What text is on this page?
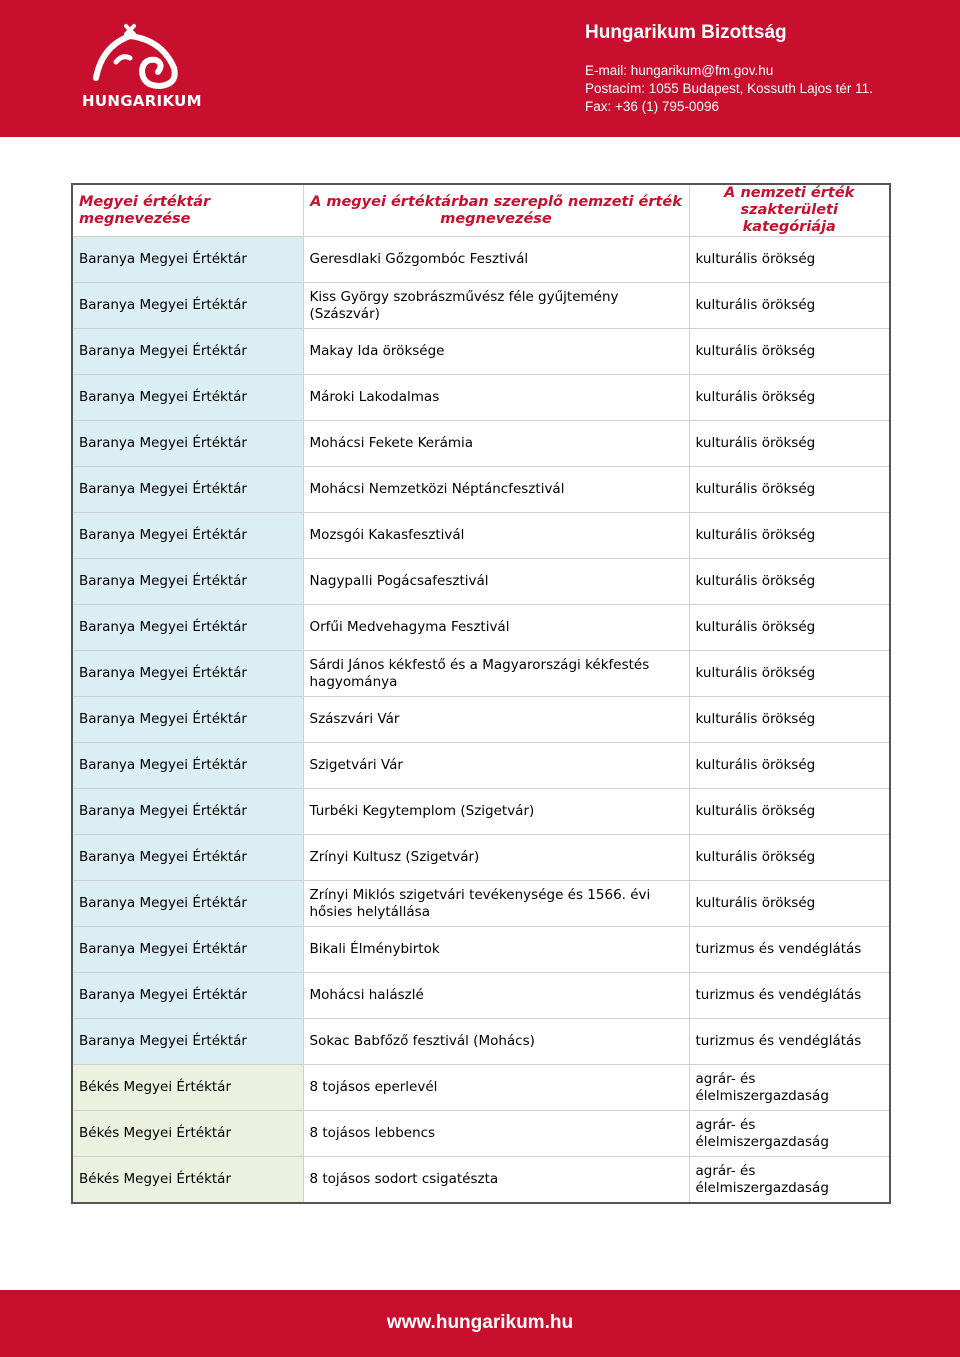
HUNGARIKUM
Hungarikum Bizottság
E-mail: hungarikum@fm.gov.hu
Postacím: 1055 Budapest, Kossuth Lajos tér 11.
Fax: +36 (1) 795-0096
Megyei értéktár megnevezése	A megyei értéktárban szereplő nemzeti érték megnevezése	A nemzeti érték szakterületi kategóriája
Baranya Megyei Értéktár	Geresdlaki Gőzgombóc Fesztivál	kulturális örökség
Baranya Megyei Értéktár	Kiss György szobrászművész féle gyűjtemény (Szászvár)	kulturális örökség
Baranya Megyei Értéktár	Makay Ida öröksége	kulturális örökség
Baranya Megyei Értéktár	Mároki Lakodalmas	kulturális örökség
Baranya Megyei Értéktár	Mohácsi Fekete Kerámia	kulturális örökség
Baranya Megyei Értéktár	Mohácsi Nemzetközi Néptáncfesztivál	kulturális örökség
Baranya Megyei Értéktár	Mozsgói Kakasfesztivál	kulturális örökség
Baranya Megyei Értéktár	Nagypalli Pogácsafesztivál	kulturális örökség
Baranya Megyei Értéktár	Orfűi Medvehagyma Fesztivál	kulturális örökség
Baranya Megyei Értéktár	Sárdi János kékfestő és a Magyarországi kékfestés hagyománya	kulturális örökség
Baranya Megyei Értéktár	Szászvári Vár	kulturális örökség
Baranya Megyei Értéktár	Szigetvári Vár	kulturális örökség
Baranya Megyei Értéktár	Turbéki Kegytemplom (Szigetvár)	kulturális örökség
Baranya Megyei Értéktár	Zrínyi Kultusz (Szigetvár)	kulturális örökség
Baranya Megyei Értéktár	Zrínyi Miklós szigetvári tevékenysége és 1566. évi hősies helytállása	kulturális örökség
Baranya Megyei Értéktár	Bikali Élménybirtok	turizmus és vendéglátás
Baranya Megyei Értéktár	Mohácsi halászlé	turizmus és vendéglátás
Baranya Megyei Értéktár	Sokac Babfőző fesztivál (Mohács)	turizmus és vendéglátás
Békés Megyei Értéktár	8 tojásos eperlevél	agrár- és élelmiszergazdaság
Békés Megyei Értéktár	8 tojásos lebbencs	agrár- és élelmiszergazdaság
Békés Megyei Értéktár	8 tojásos sodort csigatészta	agrár- és élelmiszergazdaság
www.hungarikum.hu
